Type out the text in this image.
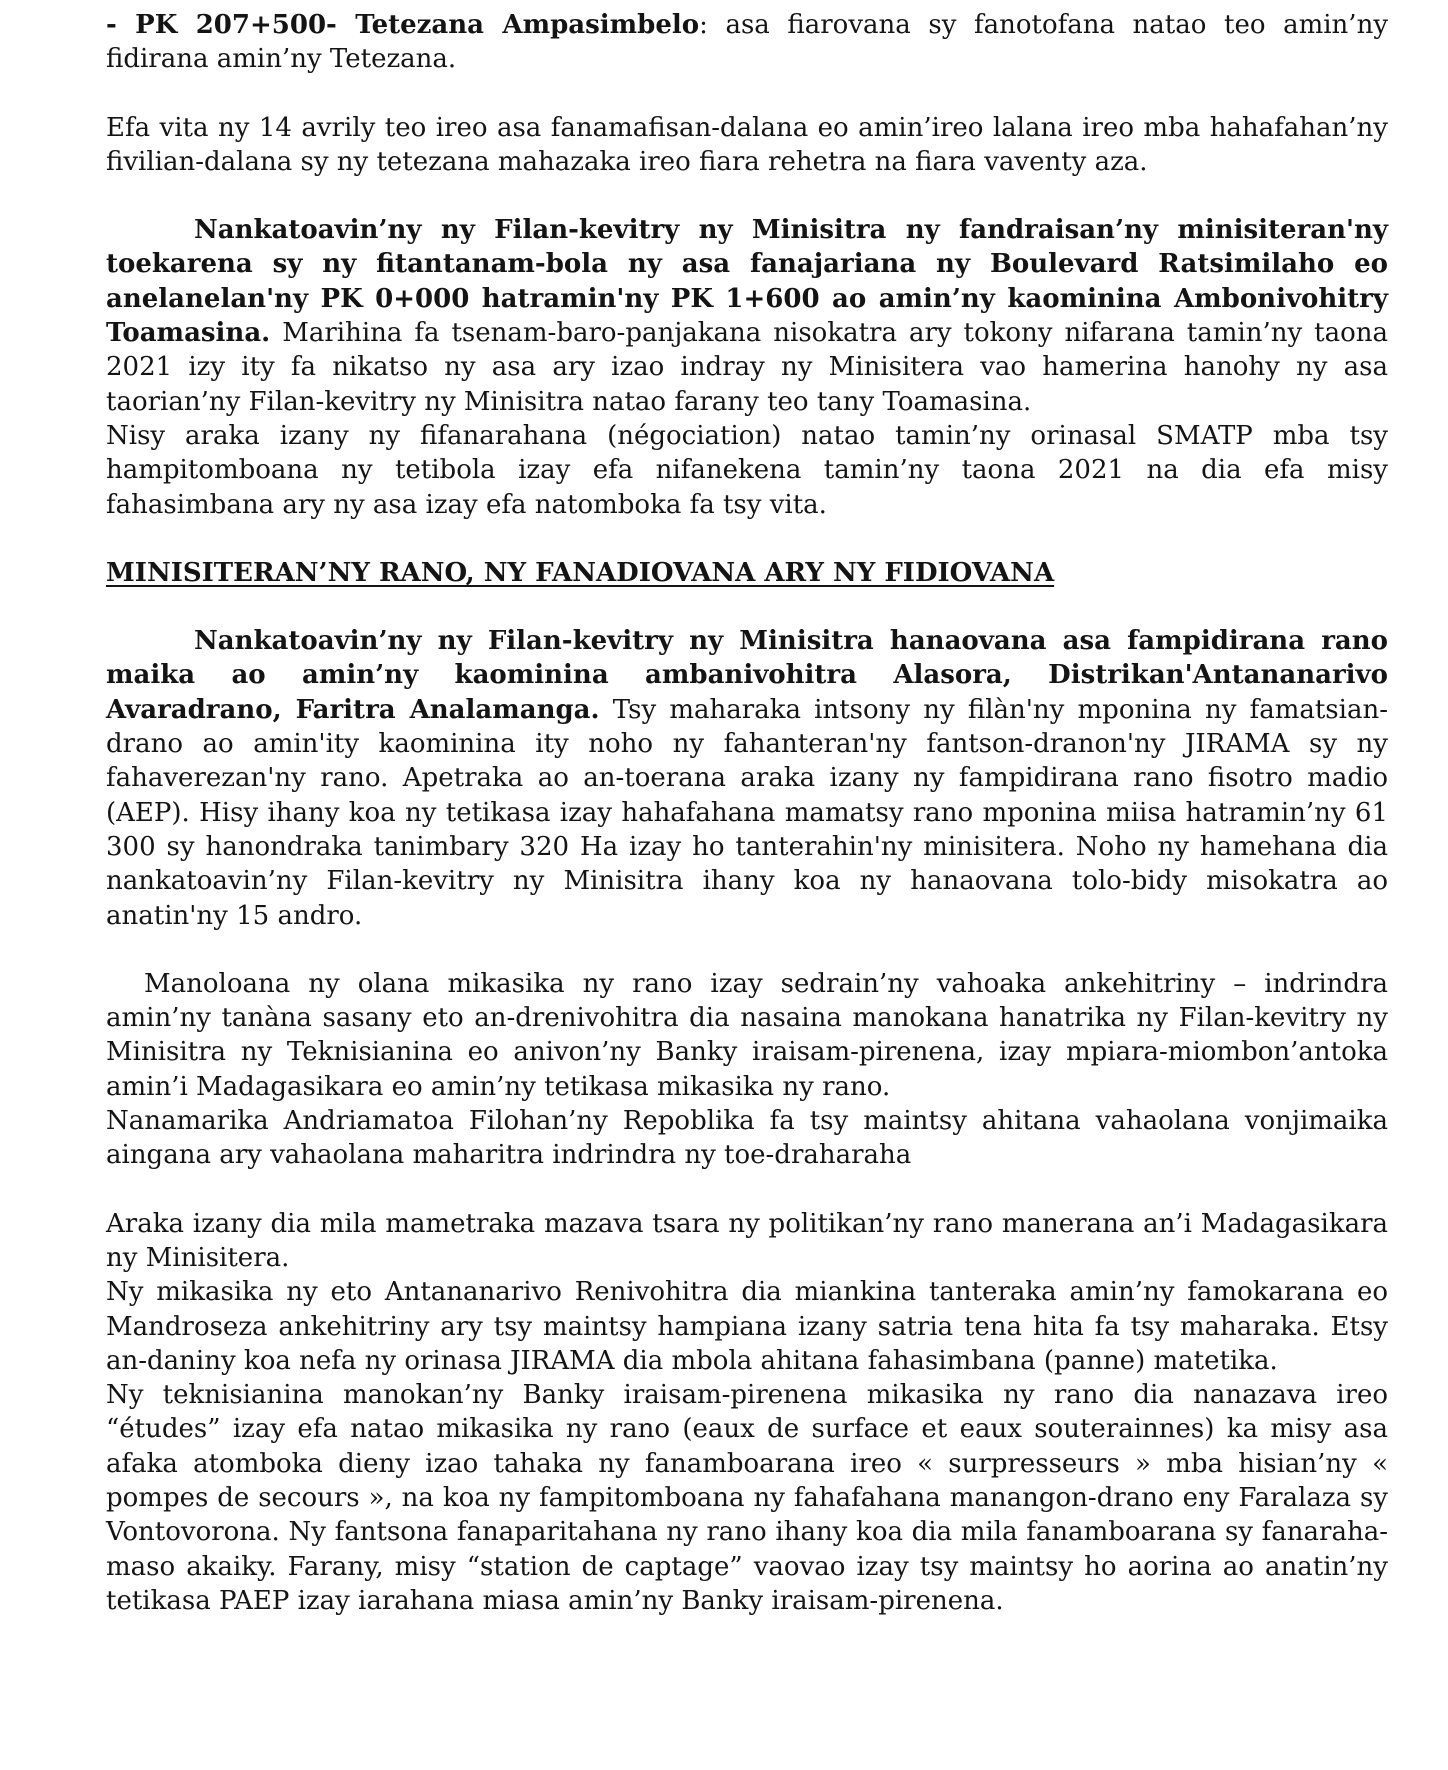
- PK 207+500- Tetezana Ampasimbelo: asa fiarovana sy fanotofana natao teo amin’ny fidirana amin’ny Tetezana.

Efa vita ny 14 avrily teo ireo asa fanamafisan-dalana eo amin’ireo lalana ireo mba hahafahan’ny fivilian-dalana sy ny tetezana mahazaka ireo fiara rehetra na fiara vaventy aza.

Nankatoavin’ny ny Filan-kevitry ny Minisitra ny fandraisan’ny minisiteran'ny toekarena sy ny fitantanam-bola ny asa fanajariana ny Boulevard Ratsimilaho eo anelanelan'ny PK 0+000 hatramin'ny PK 1+600 ao amin’ny kaominina Ambonivohitry Toamasina. Marihina fa tsenam-baro-panjakana nisokatra ary tokony nifarana tamin’ny taona 2021 izy ity fa nikatso ny asa ary izao indray ny Minisitera vao hamerina hanohy ny asa taorian’ny Filan-kevitry ny Minisitra natao farany teo tany Toamasina.

Nisy araka izany ny fifanarahana (négociation) natao tamin’ny orinasal SMATP mba tsy hampitomboana ny tetibola izay efa nifanekena tamin’ny taona 2021 na dia efa misy fahasimbana ary ny asa izay efa natomboka fa tsy vita.

MINISITERAN’NY RANO, NY FANADIOVANA ARY NY FIDIOVANA

Nankatoavin’ny ny Filan-kevitry ny Minisitra hanaovana asa fampidirana rano maika ao amin’ny kaominina ambanivohitra Alasora, Distrikan'Antananarivo Avaradrano, Faritra Analamanga. Tsy maharaka intsony ny filàn'ny mponina ny famatsian-drano ao amin'ity kaominina ity noho ny fahanteran'ny fantson-dranon'ny JIRAMA sy ny fahaverezan'ny rano. Apetraka ao an-toerana araka izany ny fampidirana rano fisotro madio (AEP). Hisy ihany koa ny tetikasa izay hahafahana mamatsy rano mponina miisa hatramin’ny 61 300 sy hanondraka tanimbary 320 Ha izay ho tanterahin'ny minisitera. Noho ny hamehana dia nankatoavin’ny Filan-kevitry ny Minisitra ihany koa ny hanaovana tolo-bidy misokatra ao anatin'ny 15 andro.

Manoloana ny olana mikasika ny rano izay sedrain’ny vahoaka ankehitriny – indrindra amin’ny tanàna sasany eto an-drenivohitra dia nasaina manokana hanatrika ny Filan-kevitry ny Minisitra ny Teknisianina eo anivon’ny Banky iraisam-pirenena, izay mpiara-miombon’antoka amin’i Madagasikara eo amin’ny tetikasa mikasika ny rano.

Nanamarika Andriamatoa Filohan’ny Repoblika fa tsy maintsy ahitana vahaolana vonjimaika aingana ary vahaolana maharitra indrindra ny toe-draharaha

Araka izany dia mila mametraka mazava tsara ny politikan’ny rano manerana an’i Madagasikara ny Minisitera.

Ny mikasika ny eto Antananarivo Renivohitra dia miankina tanteraka amin’ny famokarana eo Mandroseza ankehitriny ary tsy maintsy hampiana izany satria tena hita fa tsy maharaka. Etsy an-daniny koa nefa ny orinasa JIRAMA dia mbola ahitana fahasimbana (panne) matetika.

Ny teknisianina manokan’ny Banky iraisam-pirenena mikasika ny rano dia nanazava ireo “études” izay efa natao mikasika ny rano (eaux de surface et eaux souterainnes) ka misy asa afaka atomboka dieny izao tahaka ny fanamboarana ireo « surpresseurs » mba hisian’ny « pompes de secours », na koa ny fampitomboana ny fahafahana manangon-drano eny Faralaza sy Vontovorona. Ny fantsona fanaparitahana ny rano ihany koa dia mila fanamboarana sy fanaraha-maso akaiky. Farany, misy “station de captage” vaovao izay tsy maintsy ho aorina ao anatin’ny tetikasa PAEP izay iarahana miasa amin’ny Banky iraisam-pirenena.
